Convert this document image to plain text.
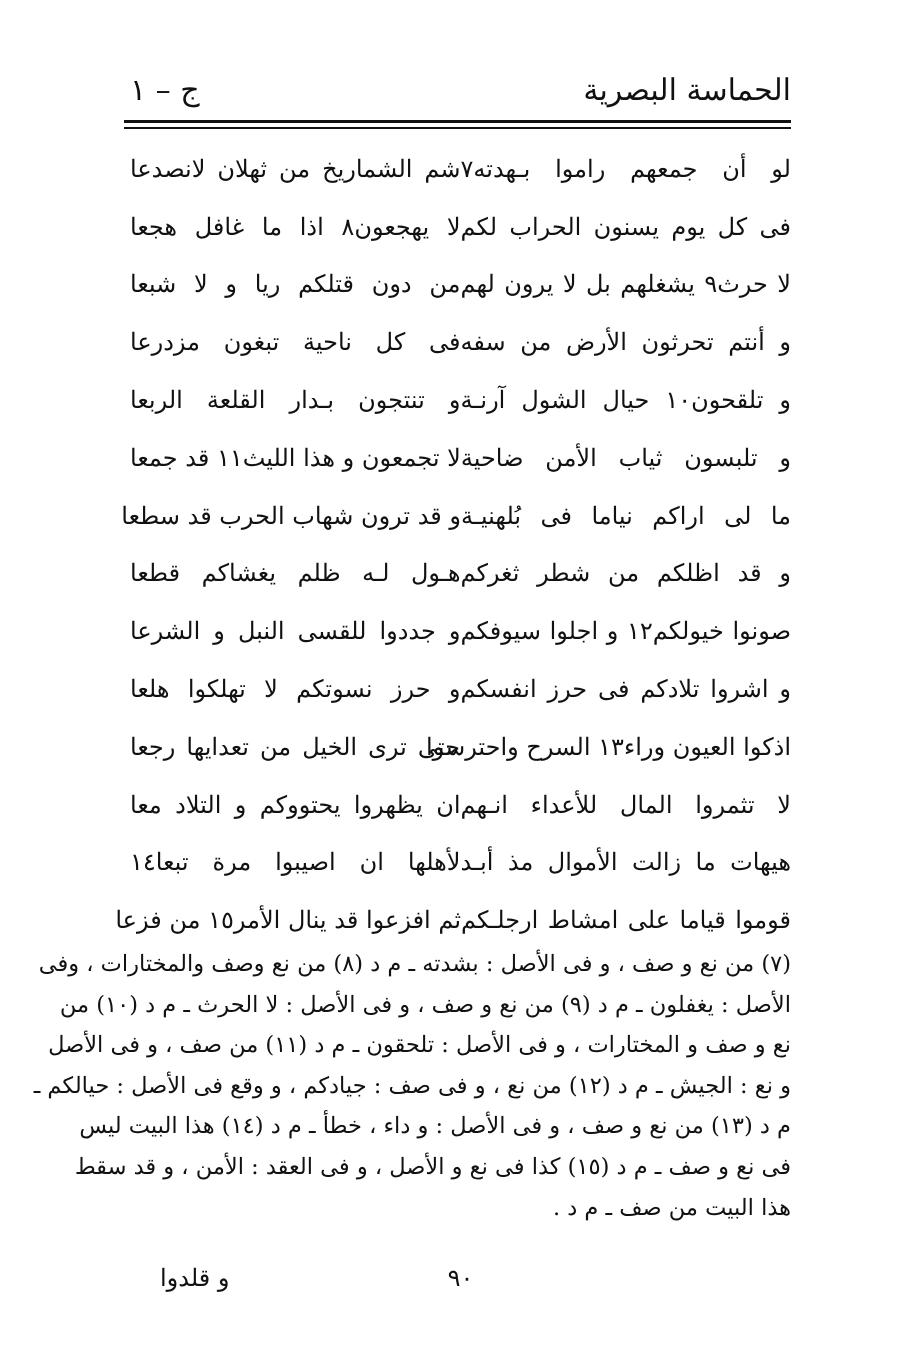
ج – ١	الحماسة البصرية
لو أن جمعهم راموا بـهدته٧
شم الشماريخ من ثهلان لانصدعا
فى كل يوم يسنون الحراب لكم
لا يهجعون٨ اذا ما غافل هجعا
لا حرث٩ يشغلهم بل لا يرون لهم
من دون قتلكم ريا و لا شبعا
و أنتم تحرثون الأرض من سفه
فى كل ناحية تبغون مزدرعا
و تلقحون١٠ حيال الشول آرنـة
و تنتجون بـدار القلعة الربعا
و تلبسون ثياب الأمن ضاحية
لا تجمعون و هذا الليث١١ قد جمعا
ما لى اراكم نياما فى بُلهنيـة
و قد ترون شهاب الحرب قد سطعا
و قد اظلكم من شطر ثغركم
هـول لـه ظلم يغشاكم قطعا
صونوا خيولكم١٢ و اجلوا سيوفكم
و جددوا للقسى النبل و الشرعا
و اشروا تلادكم فى حرز انفسكم
و حرز نسوتكم لا تهلكوا هلعا
اذكوا العيون وراء١٣ السرح واحترسوا
حتى ترى الخيل من تعدايها رجعا
لا تثمروا المال للأعداء انـهم
ان يظهروا يحتووكم و التلاد معا
هيهات ما زالت الأموال مذ أبـد
لأهلها ان اصيبوا مرة تبعا١٤
قوموا قياما على امشاط ارجلـكم
ثم افزعوا قد ينال الأمر١٥ من فزعا
(٧) من نع و صف ، و فى الأصل : بشدته ـ م د (٨) من نع وصف والمختارات ، وفى
الأصل : يغفلون ـ م د (٩) من نع و صف ، و فى الأصل : لا الحرث ـ م د (١٠) من
نع و صف و المختارات ، و فى الأصل : تلحقون ـ م د (١١) من صف ، و فى الأصل
و نع : الجيش ـ م د (١٢) من نع ، و فى صف : جيادكم ، و وقع فى الأصل : حيالكم ـ
م د (١٣) من نع و صف ، و فى الأصل : و داء ، خطأ ـ م د (١٤) هذا البيت ليس
فى نع و صف ـ م د (١٥) كذا فى نع و الأصل ، و فى العقد : الأمن ، و قد سقط
هذا البيت من صف ـ م د .
و قلدوا	٩٠
